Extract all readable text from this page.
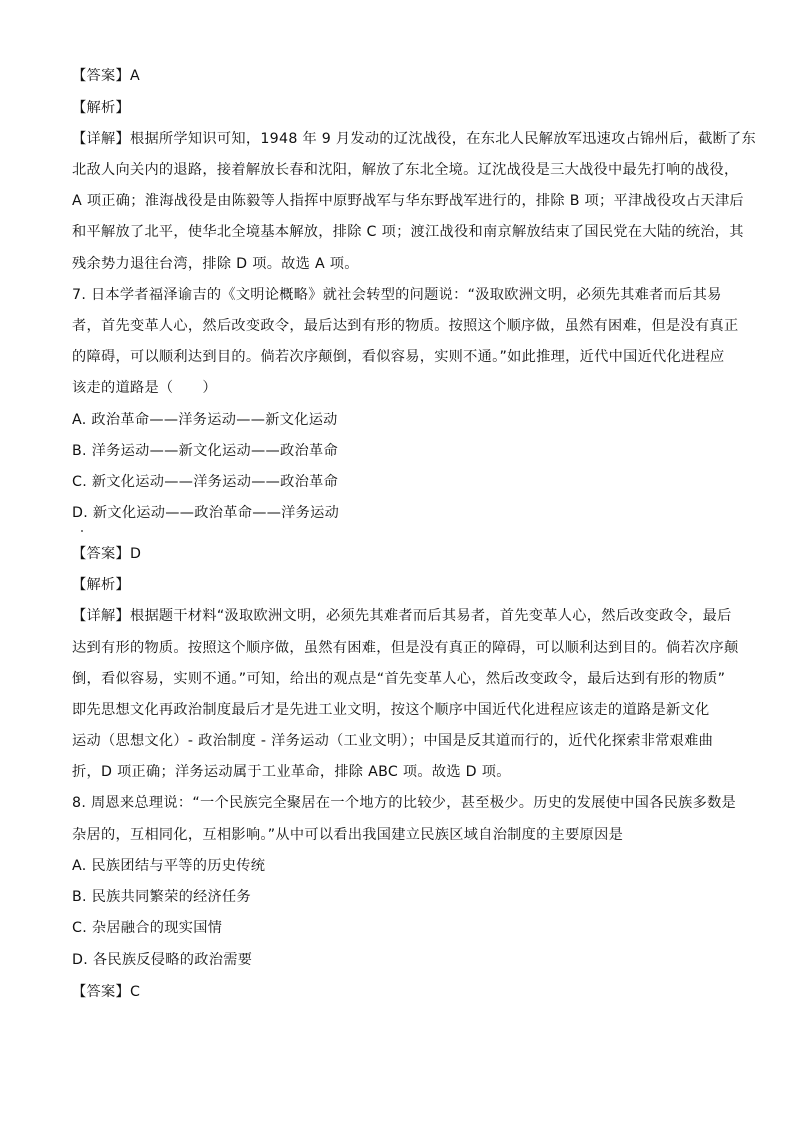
【答案】A
【解析】
【详解】根据所学知识可知，1948 年 9 月发动的辽沈战役，在东北人民解放军迅速攻占锦州后，截断了东
北敌人向关内的退路，接着解放长春和沈阳，解放了东北全境。辽沈战役是三大战役中最先打响的战役，
A 项正确；淮海战役是由陈毅等人指挥中原野战军与华东野战军进行的，排除 B 项；平津战役攻占天津后
和平解放了北平，使华北全境基本解放，排除 C 项；渡江战役和南京解放结束了国民党在大陆的统治，其
残余势力退往台湾，排除 D 项。故选 A 项。
7. 日本学者福泽谕吉的《文明论概略》就社会转型的问题说：“汲取欧洲文明，必须先其难者而后其易
者，首先变革人心，然后改变政令，最后达到有形的物质。按照这个顺序做，虽然有困难，但是没有真正
的障碍，可以顺利达到目的。倘若次序颠倒，看似容易，实则不通。”如此推理，近代中国近代化进程应
该走的道路是（　　）
A. 政治革命——洋务运动——新文化运动
B. 洋务运动——新文化运动——政治革命
C. 新文化运动——洋务运动——政治革命
D. 新文化运动——政治革命——洋务运动
【答案】D
【解析】
【详解】根据题干材料“汲取欧洲文明，必须先其难者而后其易者，首先变革人心，然后改变政令，最后
达到有形的物质。按照这个顺序做，虽然有困难，但是没有真正的障碍，可以顺利达到目的。倘若次序颠
倒，看似容易，实则不通。”可知，给出的观点是“首先变革人心，然后改变政令，最后达到有形的物质”
即先思想文化再政治制度最后才是先进工业文明，按这个顺序中国近代化进程应该走的道路是新文化
运动（思想文化）- 政治制度 - 洋务运动（工业文明）；中国是反其道而行的，近代化探索非常艰难曲
折，D 项正确；洋务运动属于工业革命，排除 ABC 项。故选 D 项。
8. 周恩来总理说：“一个民族完全聚居在一个地方的比较少，甚至极少。历史的发展使中国各民族多数是
杂居的，互相同化，互相影响。”从中可以看出我国建立民族区域自治制度的主要原因是
A. 民族团结与平等的历史传统
B. 民族共同繁荣的经济任务
C. 杂居融合的现实国情
D. 各民族反侵略的政治需要
【答案】C
